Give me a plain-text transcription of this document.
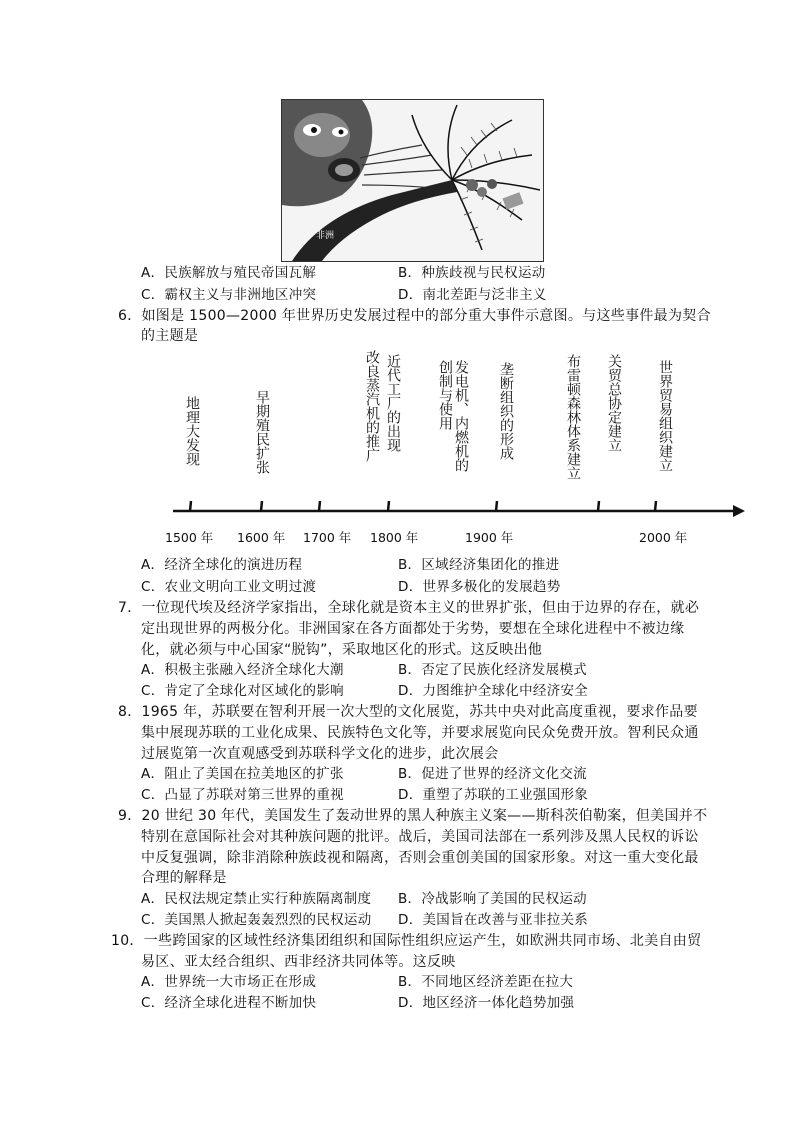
非洲
A．民族解放与殖民帝国瓦解	B．种族歧视与民权运动
C．霸权主义与非洲地区冲突	D．南北差距与泛非主义
6．如图是 1500—2000 年世界历史发展过程中的部分重大事件示意图。与这些事件最为契合
的主题是
地理大发现	早期殖民扩张	改良蒸汽机的推广 近代工厂的出现	发电机、内燃机的创制与使用	垄断组织的形成	布雷顿森林体系建立 关贸总协定建立	世界贸易组织建立
1500 年 1600 年 1700 年 1800 年	1900 年	2000 年
A．经济全球化的演进历程	B．区域经济集团化的推进
C．农业文明向工业文明过渡	D．世界多极化的发展趋势
7．一位现代埃及经济学家指出，全球化就是资本主义的世界扩张，但由于边界的存在，就必
定出现世界的两极分化。非洲国家在各方面都处于劣势，要想在全球化进程中不被边缘
化，就必须与中心国家“脱钩”，采取地区化的形式。这反映出他
A．积极主张融入经济全球化大潮	B．否定了民族化经济发展模式
C．肯定了全球化对区域化的影响	D．力图维护全球化中经济安全
8．1965 年，苏联要在智利开展一次大型的文化展览，苏共中央对此高度重视，要求作品要
集中展现苏联的工业化成果、民族特色文化等，并要求展览向民众免费开放。智利民众通
过展览第一次直观感受到苏联科学文化的进步，此次展会
A．阻止了美国在拉美地区的扩张	B．促进了世界的经济文化交流
C．凸显了苏联对第三世界的重视	D．重塑了苏联的工业强国形象
9．20 世纪 30 年代，美国发生了轰动世界的黑人种族主义案——斯科茨伯勒案，但美国并不
特别在意国际社会对其种族问题的批评。战后，美国司法部在一系列涉及黑人民权的诉讼
中反复强调，除非消除种族歧视和隔离，否则会重创美国的国家形象。对这一重大变化最
合理的解释是
A．民权法规定禁止实行种族隔离制度 B．冷战影响了美国的民权运动
C．美国黑人掀起轰轰烈烈的民权运动 D．美国旨在改善与亚非拉关系
10．一些跨国家的区域性经济集团组织和国际性组织应运产生，如欧洲共同市场、北美自由贸
易区、亚太经合组织、西非经济共同体等。这反映
A．世界统一大市场正在形成	B．不同地区经济差距在拉大
C．经济全球化进程不断加快	D．地区经济一体化趋势加强
